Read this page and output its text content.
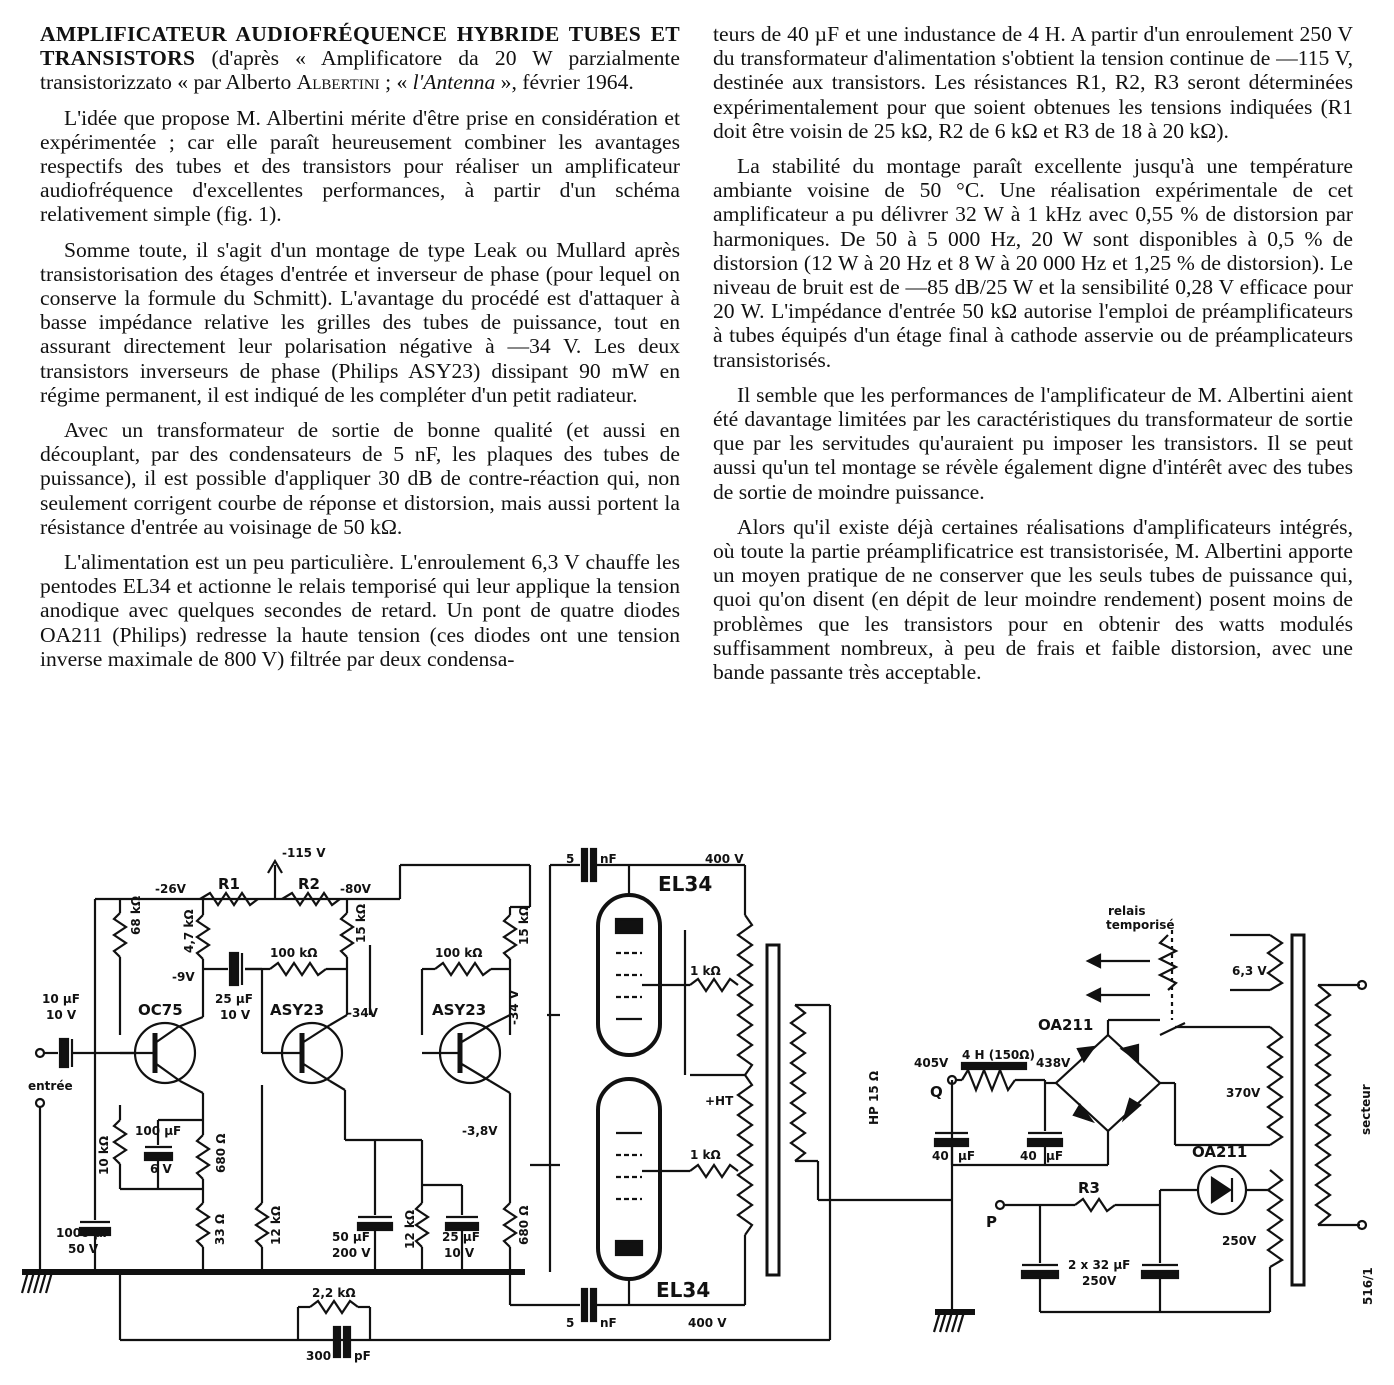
AMPLIFICATEUR AUDIOFRÉQUENCE HYBRIDE TUBES ET TRANSISTORS (d'après « Amplificatore da 20 W parzialmente transistorizzato « par Alberto Albertini ; « l'Antenna », février 1964.

L'idée que propose M. Albertini mérite d'être prise en considération et expérimentée ; car elle paraît heureusement combiner les avantages respectifs des tubes et des transistors pour réaliser un amplificateur audiofréquence d'excellentes performances, à partir d'un schéma relativement simple (fig. 1).

Somme toute, il s'agit d'un montage de type Leak ou Mullard après transistorisation des étages d'entrée et inverseur de phase (pour lequel on conserve la formule du Schmitt). L'avantage du procédé est d'attaquer à basse impédance relative les grilles des tubes de puissance, tout en assurant directement leur polarisation négative à —34 V. Les deux transistors inverseurs de phase (Philips ASY23) dissipant 90 mW en régime permanent, il est indiqué de les compléter d'un petit radiateur.

Avec un transformateur de sortie de bonne qualité (et aussi en découplant, par des condensateurs de 5 nF, les plaques des tubes de puissance), il est possible d'appliquer 30 dB de contre-réaction qui, non seulement corrigent courbe de réponse et distorsion, mais aussi portent la résistance d'entrée au voisinage de 50 kΩ.

L'alimentation est un peu particulière. L'enroulement 6,3 V chauffe les pentodes EL34 et actionne le relais temporisé qui leur applique la tension anodique avec quelques secondes de retard. Un pont de quatre diodes OA211 (Philips) redresse la haute tension (ces diodes ont une tension inverse maximale de 800 V) filtrée par deux condensa-

teurs de 40 µF et une industance de 4 H. A partir d'un enroulement 250 V du transformateur d'alimentation s'obtient la tension continue de —115 V, destinée aux transistors. Les résistances R1, R2, R3 seront déterminées expérimentalement pour que soient obtenues les tensions indiquées (R1 doit être voisin de 25 kΩ, R2 de 6 kΩ et R3 de 18 à 20 kΩ).

La stabilité du montage paraît excellente jusqu'à une température ambiante voisine de 50 °C. Une réalisation expérimentale de cet amplificateur a pu délivrer 32 W à 1 kHz avec 0,55 % de distorsion par harmoniques. De 50 à 5 000 Hz, 20 W sont disponibles à 0,5 % de distorsion (12 W à 20 Hz et 8 W à 20 000 Hz et 1,25 % de distorsion). Le niveau de bruit est de —85 dB/25 W et la sensibilité 0,28 V efficace pour 20 W. L'impédance d'entrée 50 kΩ autorise l'emploi de préamplificateurs à tubes équipés d'un étage final à cathode asservie ou de préamplicateurs transistorisés.

Il semble que les performances de l'amplificateur de M. Albertini aient été davantage limitées par les caractéristiques du transformateur de sortie que par les servitudes qu'auraient pu imposer les transistors. Il se peut aussi qu'un tel montage se révèle également digne d'intérêt avec des tubes de sortie de moindre puissance.

Alors qu'il existe déjà certaines réalisations d'amplificateurs intégrés, où toute la partie préamplificatrice est transistorisée, M. Albertini apporte un moyen pratique de ne conserver que les seuls tubes de puissance qui, quoi qu'on disent (en dépit de leur moindre rendement) posent moins de problèmes que les transistors pour en obtenir des watts modulés suffisamment nombreux, à peu de frais et faible distorsion, avec une bande passante très acceptable.

-115 V
-26V R1	R2 -80V
5 nF	400 V
EL34
68 kΩ	4,7 kΩ
-9V
100 kΩ
15 kΩ
100 kΩ
15 kΩ
-34 V
10 µF
10 V	OC75
25 µF
10 V ASY23 -34V	ASY23
1 kΩ
entrée
+HT	HP 15 Ω
10 kΩ
100 µF
6 V	680 Ω
-3,8V
1 kΩ
1000 µF
50 V
33 Ω	12 kΩ	50 µF
200 V
12 kΩ 25 µF
10 V
680 Ω
2,2 kΩ
300 pF
EL34
5 nF	400 V
relais
temporisé
6,3 V
OA211
405V
Q
4 H (150Ω)
438V
370V
40 µF	40 µF	OA211
R3
P
2 x 32 µF
250V
250V
secteur
516/1
